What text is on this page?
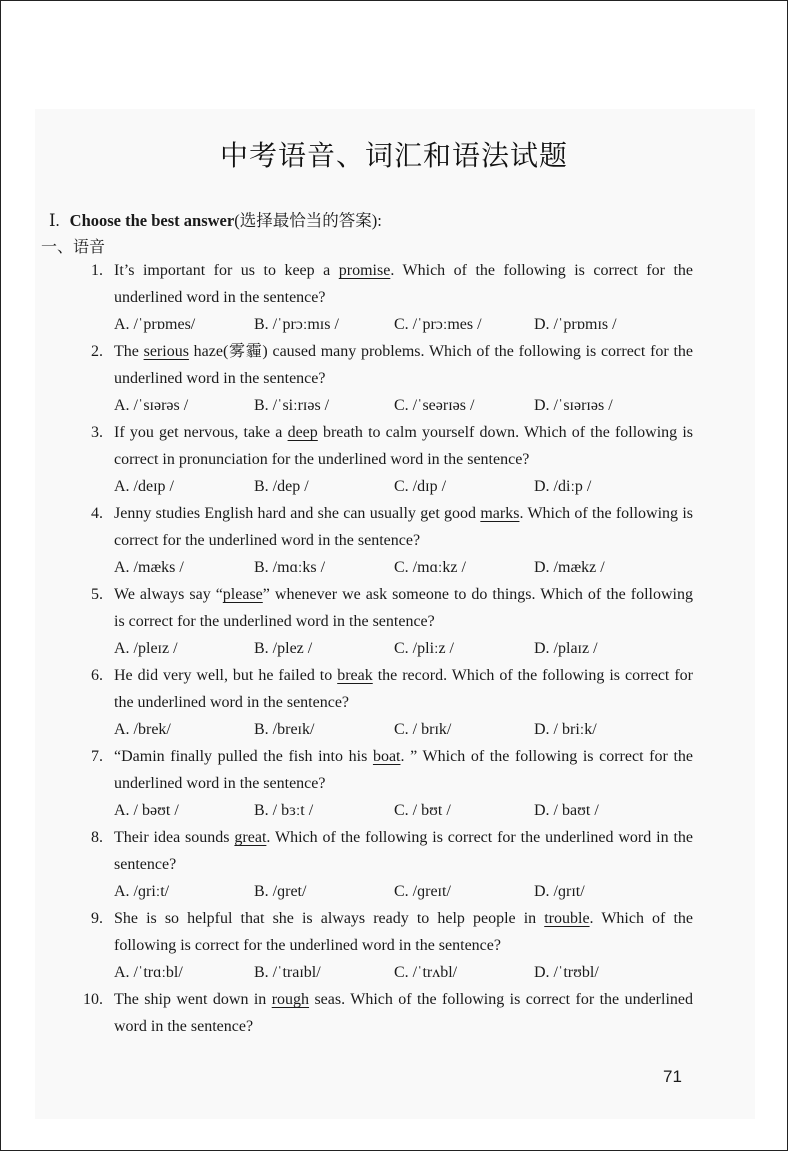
中考语音、词汇和语法试题
Ⅰ. Choose the best answer(选择最恰当的答案):
一、语音
1. It’s important for us to keep a promise. Which of the following is correct for the underlined word in the sentence?
A. /ˈprɒmes/	B. /ˈprɔːmɪs /	C. /ˈprɔːmes /	D. /ˈprɒmɪs /
2. The serious haze(雾霾) caused many problems. Which of the following is correct for the underlined word in the sentence?
A. /ˈsɪərəs /	B. /ˈsiːrɪəs /	C. /ˈseərɪəs /	D. /ˈsɪərɪəs /
3. If you get nervous, take a deep breath to calm yourself down. Which of the following is correct in pronunciation for the underlined word in the sentence?
A. /deɪp /	B. /dep /	C. /dɪp /	D. /diːp /
4. Jenny studies English hard and she can usually get good marks. Which of the following is correct for the underlined word in the sentence?
A. /mæks /	B. /mɑːks /	C. /mɑːkz /	D. /mækz /
5. We always say “please” whenever we ask someone to do things. Which of the following is correct for the underlined word in the sentence?
A. /pleɪz /	B. /plez /	C. /pliːz /	D. /plaɪz /
6. He did very well, but he failed to break the record. Which of the following is correct for the underlined word in the sentence?
A. /brek/	B. /breɪk/	C. / brɪk/	D. / briːk/
7. “Damin finally pulled the fish into his boat. ” Which of the following is correct for the underlined word in the sentence?
A. / bəʊt /	B. / bɜːt /	C. / bʊt /	D. / baʊt /
8. Their idea sounds great. Which of the following is correct for the underlined word in the sentence?
A. /ɡriːt/	B. /ɡret/	C. /ɡreɪt/	D. /ɡrɪt/
9. She is so helpful that she is always ready to help people in trouble. Which of the following is correct for the underlined word in the sentence?
A. /ˈtrɑːbl/	B. /ˈtraɪbl/	C. /ˈtrʌbl/	D. /ˈtrʊbl/
10. The ship went down in rough seas. Which of the following is correct for the underlined word in the sentence?
71
